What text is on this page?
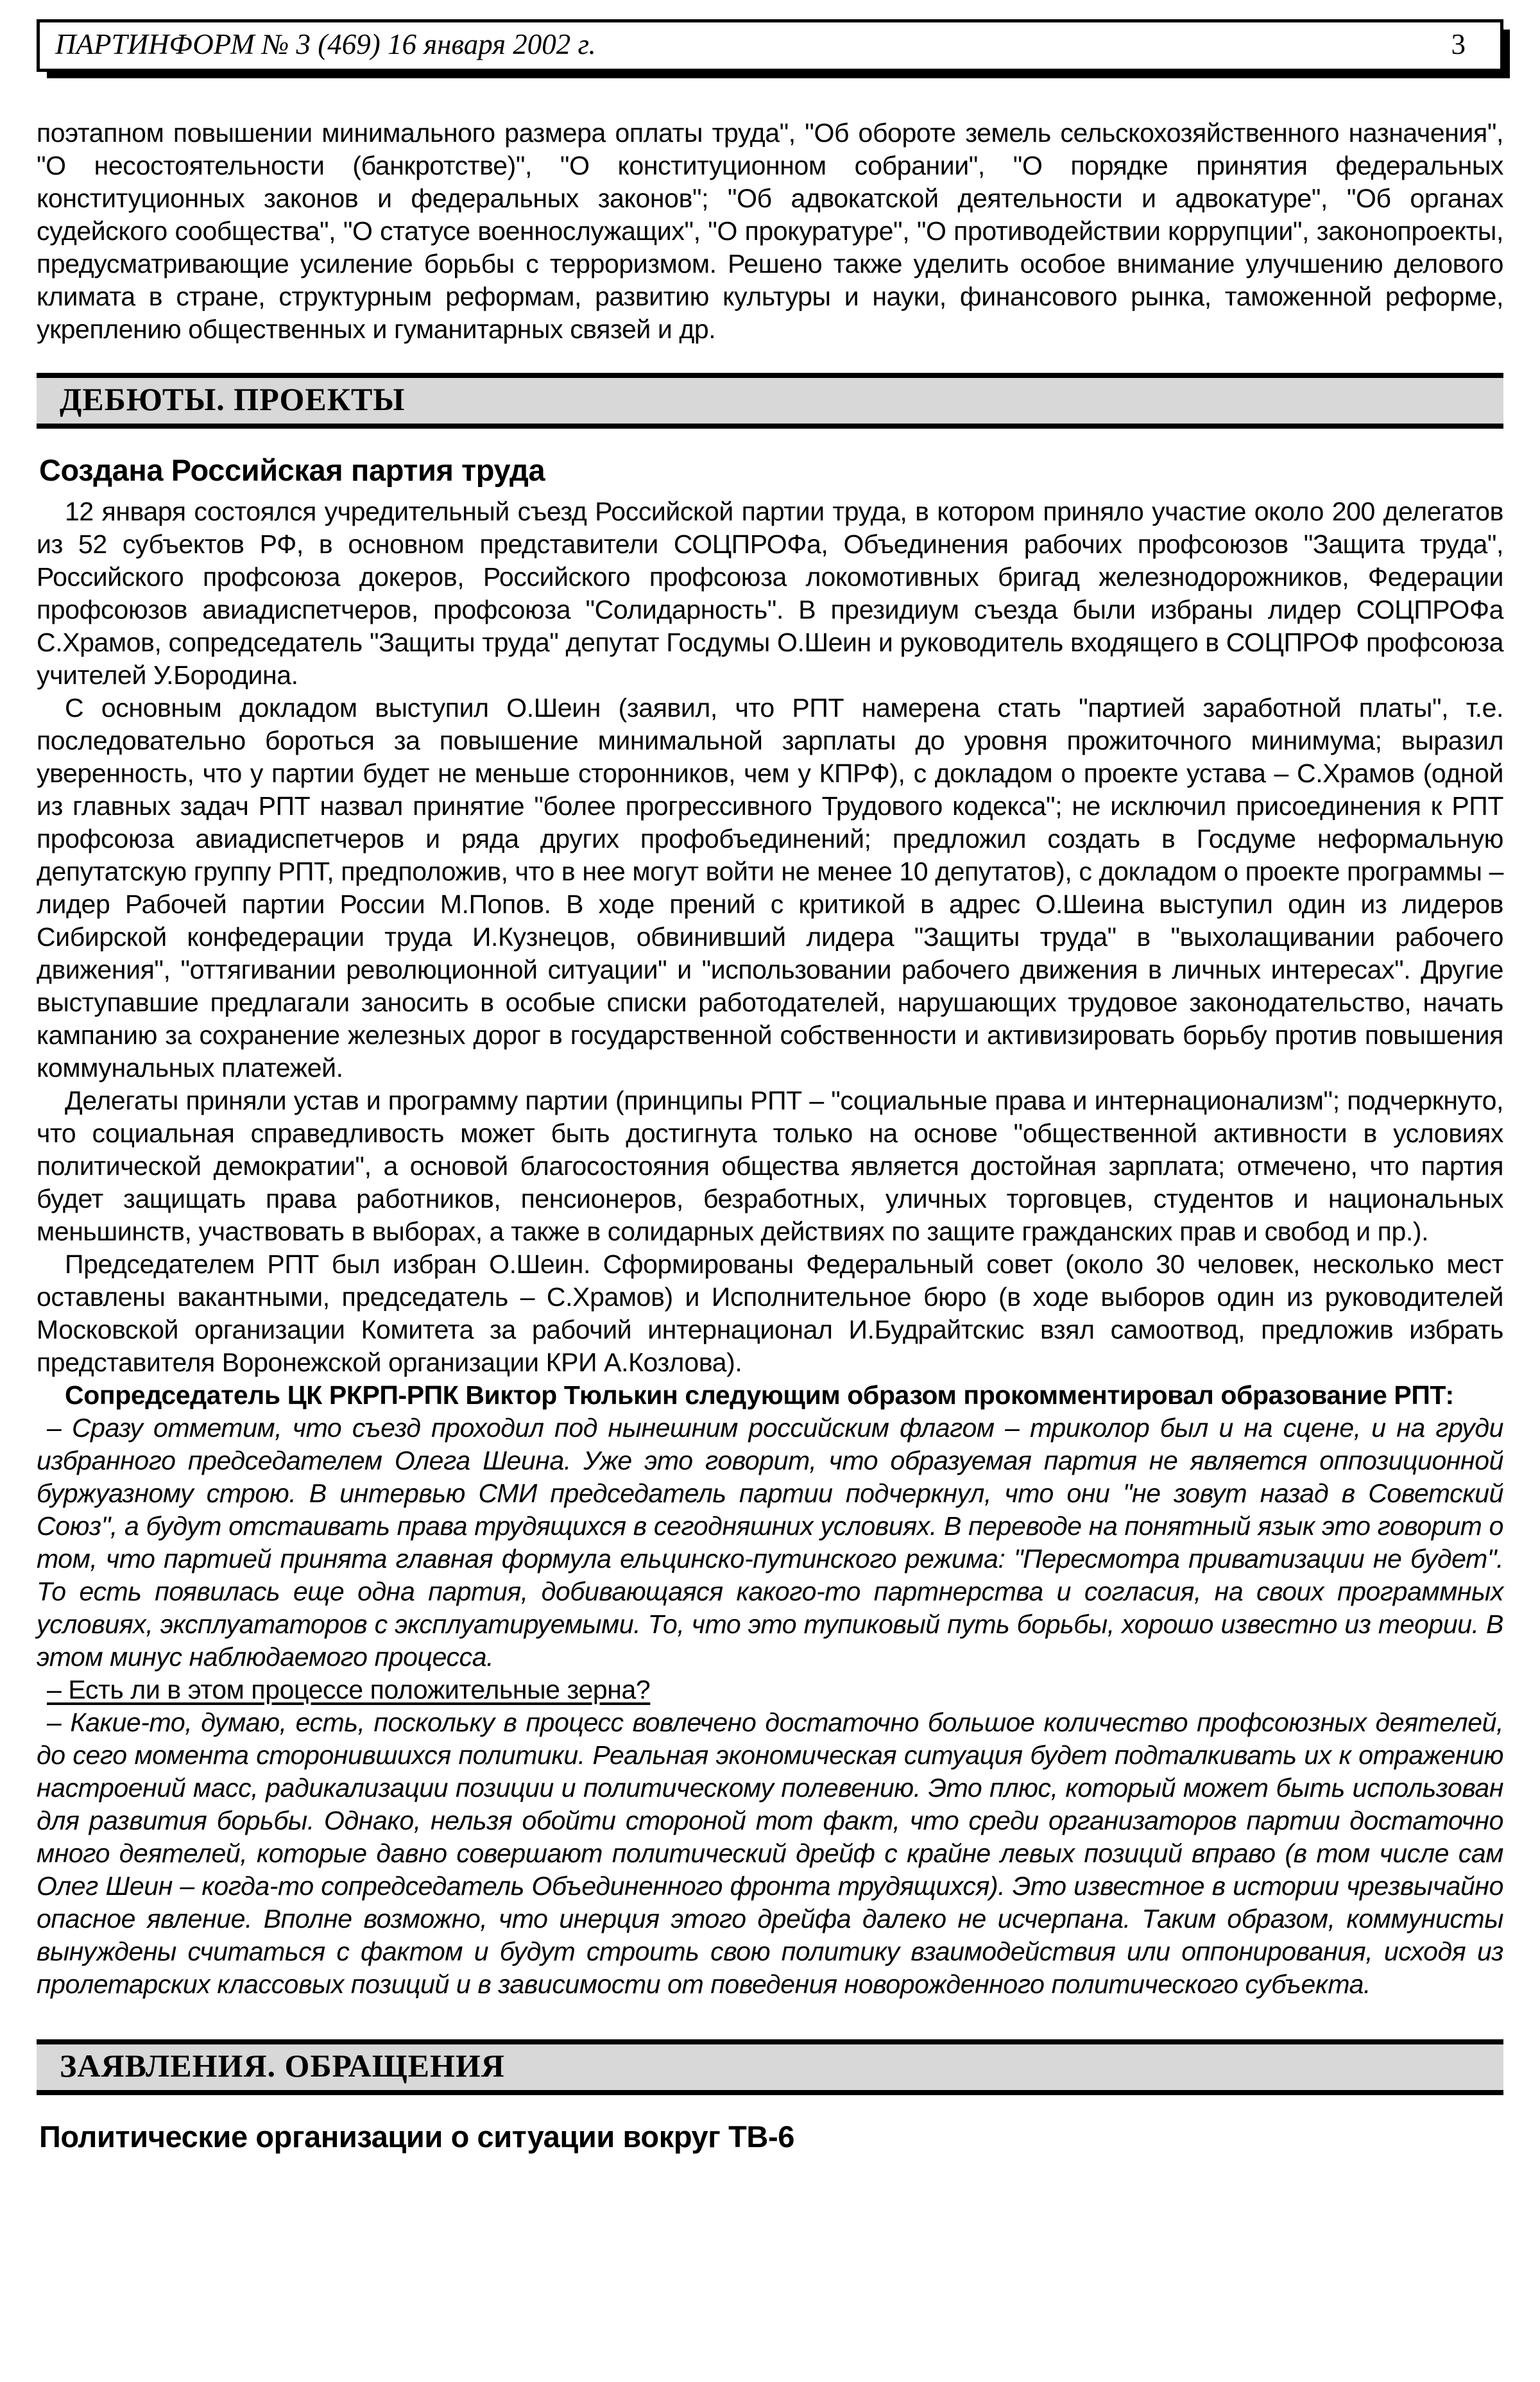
ПАРТИНФОРМ № 3 (469) 16 января 2002 г.	3

поэтапном повышении минимального размера оплаты труда", "Об обороте земель сельскохозяйственного назначения", "О несостоятельности (банкротстве)", "О конституционном собрании", "О порядке принятия федеральных конституционных законов и федеральных законов"; "Об адвокатской деятельности и адвокатуре", "Об органах судейского сообщества", "О статусе военнослужащих", "О прокуратуре", "О противодействии коррупции", законопроекты, предусматривающие усиление борьбы с терроризмом. Решено также уделить особое внимание улучшению делового климата в стране, структурным реформам, развитию культуры и науки, финансового рынка, таможенной реформе, укреплению общественных и гуманитарных связей и др.

ДЕБЮТЫ. ПРОЕКТЫ
Создана Российская партия труда

12 января состоялся учредительный съезд Российской партии труда, в котором приняло участие около 200 делегатов из 52 субъектов РФ, в основном представители СОЦПРОФа, Объединения рабочих профсоюзов "Защита труда", Российского профсоюза докеров, Российского профсоюза локомотивных бригад железнодорожников, Федерации профсоюзов авиадиспетчеров, профсоюза "Солидарность". В президиум съезда были избраны лидер СОЦПРОФа С.Храмов, сопредседатель "Защиты труда" депутат Госдумы О.Шеин и руководитель входящего в СОЦПРОФ профсоюза учителей У.Бородина.

С основным докладом выступил О.Шеин (заявил, что РПТ намерена стать "партией заработной платы", т.е. последовательно бороться за повышение минимальной зарплаты до уровня прожиточного минимума; выразил уверенность, что у партии будет не меньше сторонников, чем у КПРФ), с докладом о проекте устава – С.Храмов (одной из главных задач РПТ назвал принятие "более прогрессивного Трудового кодекса"; не исключил присоединения к РПТ профсоюза авиадиспетчеров и ряда других профобъединений; предложил создать в Госдуме неформальную депутатскую группу РПТ, предположив, что в нее могут войти не менее 10 депутатов), с докладом о проекте программы – лидер Рабочей партии России М.Попов. В ходе прений с критикой в адрес О.Шеина выступил один из лидеров Сибирской конфедерации труда И.Кузнецов, обвинивший лидера "Защиты труда" в "выхолащивании рабочего движения", "оттягивании революционной ситуации" и "использовании рабочего движения в личных интересах". Другие выступавшие предлагали заносить в особые списки работодателей, нарушающих трудовое законодательство, начать кампанию за сохранение железных дорог в государственной собственности и активизировать борьбу против повышения коммунальных платежей.

Делегаты приняли устав и программу партии (принципы РПТ – "социальные права и интернационализм"; подчеркнуто, что социальная справедливость может быть достигнута только на основе "общественной активности в условиях политической демократии", а основой благосостояния общества является достойная зарплата; отмечено, что партия будет защищать права работников, пенсионеров, безработных, уличных торговцев, студентов и национальных меньшинств, участвовать в выборах, а также в солидарных действиях по защите гражданских прав и свобод и пр.).

Председателем РПТ был избран О.Шеин. Сформированы Федеральный совет (около 30 человек, несколько мест оставлены вакантными, председатель – С.Храмов) и Исполнительное бюро (в ходе выборов один из руководителей Московской организации Комитета за рабочий интернационал И.Будрайтскис взял самоотвод, предложив избрать представителя Воронежской организации КРИ А.Козлова).

Сопредседатель ЦК РКРП-РПК Виктор Тюлькин следующим образом прокомментировал образование РПТ:

– Сразу отметим, что съезд проходил под нынешним российским флагом – триколор был и на сцене, и на груди избранного председателем Олега Шеина. Уже это говорит, что образуемая партия не является оппозиционной буржуазному строю. В интервью СМИ председатель партии подчеркнул, что они "не зовут назад в Советский Союз", а будут отстаивать права трудящихся в сегодняшних условиях. В переводе на понятный язык это говорит о том, что партией принята главная формула ельцинско-путинского режима: "Пересмотра приватизации не будет". То есть появилась еще одна партия, добивающаяся какого-то партнерства и согласия, на своих программных условиях, эксплуататоров с эксплуатируемыми. То, что это тупиковый путь борьбы, хорошо известно из теории. В этом минус наблюдаемого процесса.

– Есть ли в этом процессе положительные зерна?

– Какие-то, думаю, есть, поскольку в процесс вовлечено достаточно большое количество профсоюзных деятелей, до сего момента сторонившихся политики. Реальная экономическая ситуация будет подталкивать их к отражению настроений масс, радикализации позиции и политическому полевению. Это плюс, который может быть использован для развития борьбы. Однако, нельзя обойти стороной тот факт, что среди организаторов партии достаточно много деятелей, которые давно совершают политический дрейф с крайне левых позиций вправо (в том числе сам Олег Шеин – когда-то сопредседатель Объединенного фронта трудящихся). Это известное в истории чрезвычайно опасное явление. Вполне возможно, что инерция этого дрейфа далеко не исчерпана. Таким образом, коммунисты вынуждены считаться с фактом и будут строить свою политику взаимодействия или оппонирования, исходя из пролетарских классовых позиций и в зависимости от поведения новорожденного политического субъекта.

ЗАЯВЛЕНИЯ. ОБРАЩЕНИЯ
Политические организации о ситуации вокруг ТВ-6
